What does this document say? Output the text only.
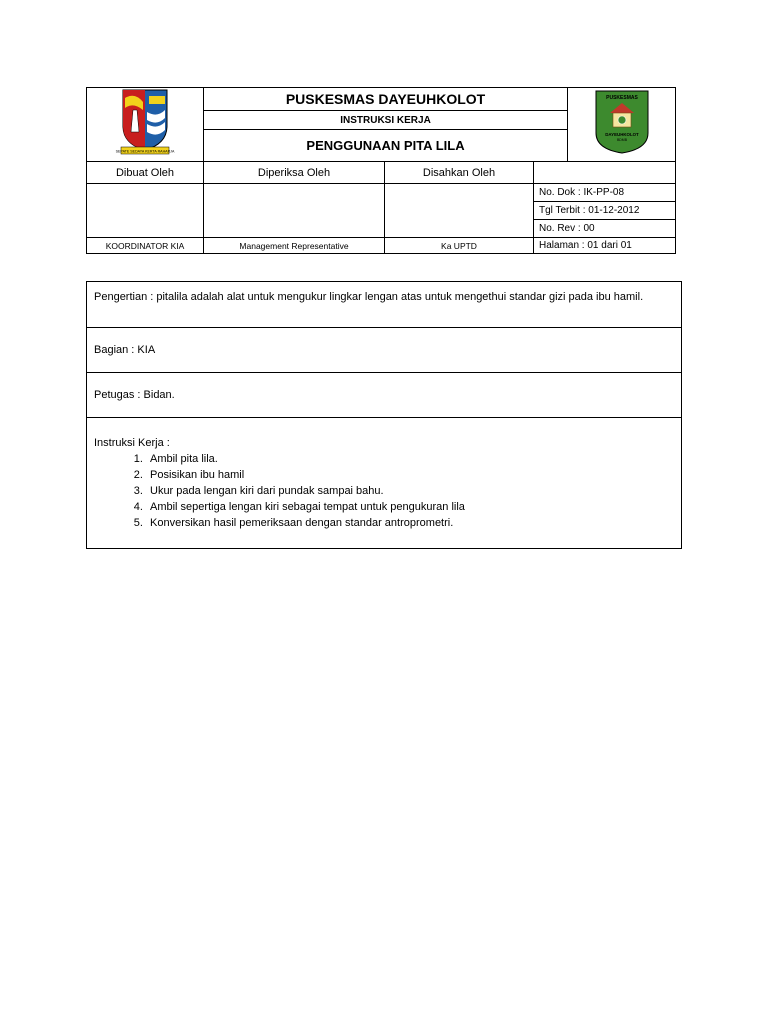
SEPATE SEDAYA KERTA RAHARJA	PUSKESMAS DAYEUHKOLOT			PUSKESMAS
DAYEUHKOLOT
BDMB

	INSTRUKSI KERJA			
	PENGGUNAAN PITA LILA			
Dibuat Oleh	Diperiksa Oleh	Disahkan Oleh		
			No. Dok : IK-PP-08	
			Tgl Terbit : 01-12-2012	
			No. Rev : 00	
KOORDINATOR KIA	Management Representative	Ka UPTD	Halaman : 01 dari 01	
Pengertian : pitalila adalah alat untuk mengukur lingkar lengan atas untuk mengethui standar gizi pada ibu hamil.
Bagian : KIA
Petugas : Bidan.
Instruksi Kerja :
1. Ambil pita lila.
2. Posisikan ibu hamil
3. Ukur pada lengan kiri dari pundak sampai bahu.
4. Ambil sepertiga lengan kiri sebagai tempat untuk pengukuran lila
5. Konversikan hasil pemeriksaan dengan standar antroprometri.
